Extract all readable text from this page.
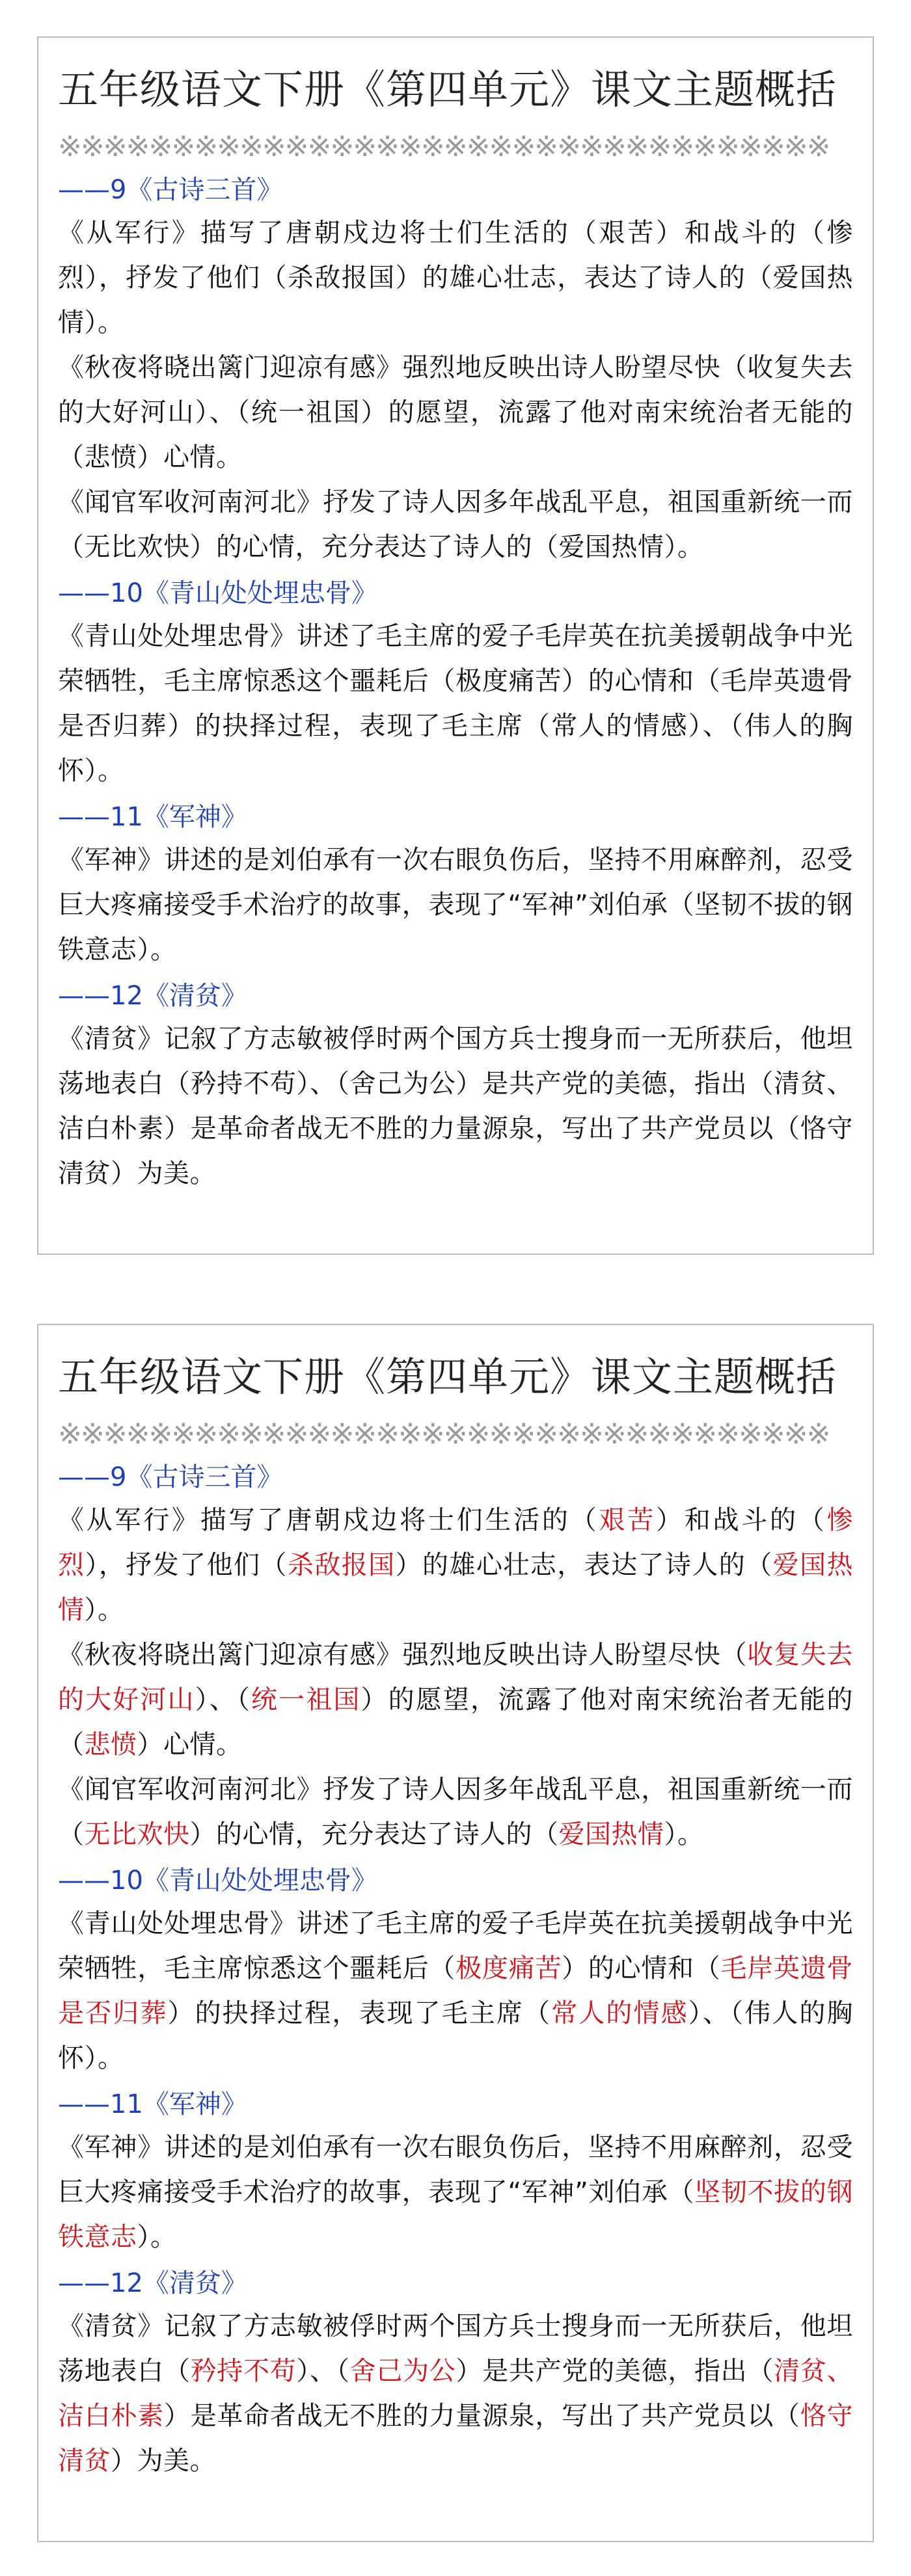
五年级语文下册《第四单元》课文主题概括
※※※※※※※※※※※※※※※※※※※※※※※※※※※※※※※※※※
——9《古诗三首》

《从军行》描写了唐朝戍边将士们生活的（艰苦）和战斗的（惨烈），抒发了他们（杀敌报国）的雄心壮志，表达了诗人的（爱国热情）。

《秋夜将晓出篱门迎凉有感》强烈地反映出诗人盼望尽快（收复失去的大好河山）、（统一祖国）的愿望，流露了他对南宋统治者无能的（悲愤）心情。

《闻官军收河南河北》抒发了诗人因多年战乱平息，祖国重新统一而（无比欢快）的心情，充分表达了诗人的（爱国热情）。

——10《青山处处埋忠骨》

《青山处处埋忠骨》讲述了毛主席的爱子毛岸英在抗美援朝战争中光荣牺牲，毛主席惊悉这个噩耗后（极度痛苦）的心情和（毛岸英遗骨是否归葬）的抉择过程，表现了毛主席（常人的情感）、（伟人的胸怀）。

——11《军神》

《军神》讲述的是刘伯承有一次右眼负伤后，坚持不用麻醉剂，忍受巨大疼痛接受手术治疗的故事，表现了“军神”刘伯承（坚韧不拔的钢铁意志）。

——12《清贫》

《清贫》记叙了方志敏被俘时两个国方兵士搜身而一无所获后，他坦荡地表白（矜持不苟）、（舍己为公）是共产党的美德，指出（清贫、洁白朴素）是革命者战无不胜的力量源泉，写出了共产党员以（恪守清贫）为美。

五年级语文下册《第四单元》课文主题概括
※※※※※※※※※※※※※※※※※※※※※※※※※※※※※※※※※※
——9《古诗三首》

《从军行》描写了唐朝戍边将士们生活的（艰苦）和战斗的（惨烈），抒发了他们（杀敌报国）的雄心壮志，表达了诗人的（爱国热情）。

《秋夜将晓出篱门迎凉有感》强烈地反映出诗人盼望尽快（收复失去的大好河山）、（统一祖国）的愿望，流露了他对南宋统治者无能的（悲愤）心情。

《闻官军收河南河北》抒发了诗人因多年战乱平息，祖国重新统一而（无比欢快）的心情，充分表达了诗人的（爱国热情）。

——10《青山处处埋忠骨》

《青山处处埋忠骨》讲述了毛主席的爱子毛岸英在抗美援朝战争中光荣牺牲，毛主席惊悉这个噩耗后（极度痛苦）的心情和（毛岸英遗骨是否归葬）的抉择过程，表现了毛主席（常人的情感）、（伟人的胸怀）。

——11《军神》

《军神》讲述的是刘伯承有一次右眼负伤后，坚持不用麻醉剂，忍受巨大疼痛接受手术治疗的故事，表现了“军神”刘伯承（坚韧不拔的钢铁意志）。

——12《清贫》

《清贫》记叙了方志敏被俘时两个国方兵士搜身而一无所获后，他坦荡地表白（矜持不苟）、（舍己为公）是共产党的美德，指出（清贫、洁白朴素）是革命者战无不胜的力量源泉，写出了共产党员以（恪守清贫）为美。
